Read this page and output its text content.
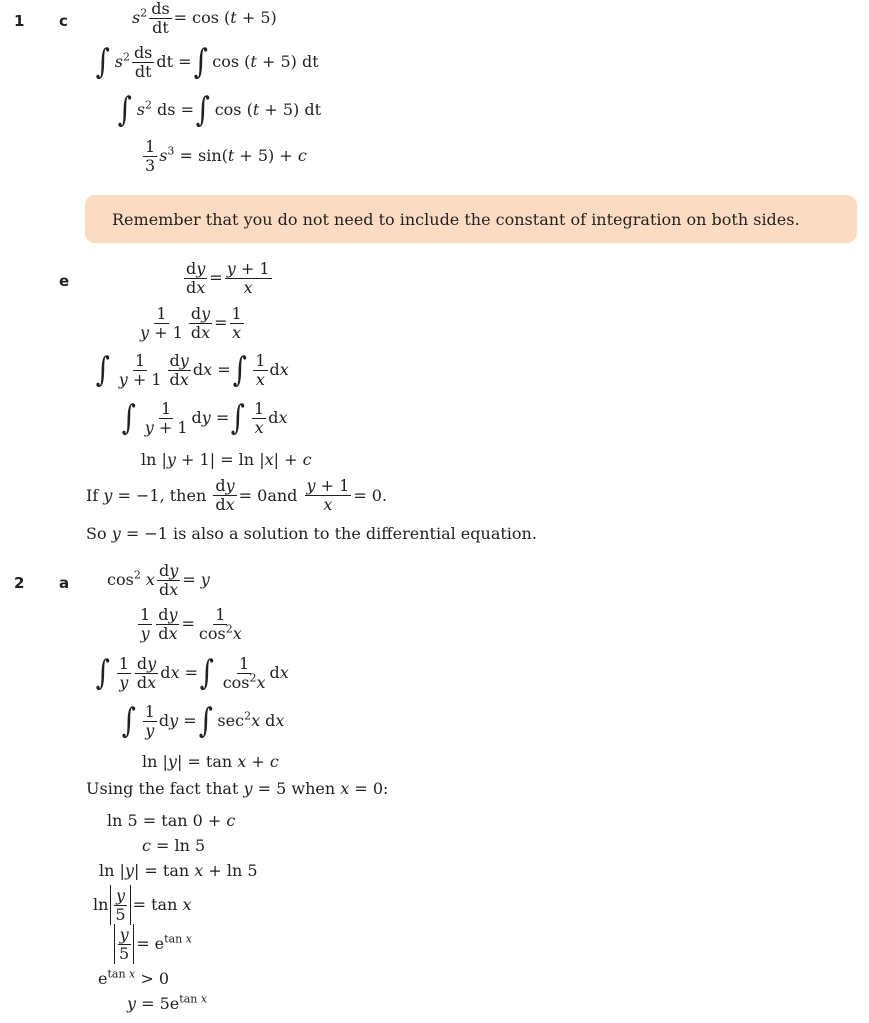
1 c	$s^2 \frac{ds}{dt} = \cos (t + 5)$
∫ $s^2 \frac{ds}{dt}$ dt =∫ cos (t + 5) dt
∫ $s^2$ ds =∫ cos (t + 5) dt
$\frac{1}{3} s^3 = \sin(t + 5) + c$
Remember that you do not need to include the constant of integration on both sides.
e	$\frac{dy}{dx} = \frac{y + 1}{x}$
$\frac{1}{y + 1} \frac{dy}{dx} = \frac{1}{x}$
∫ $\frac{1}{y + 1} \frac{dy}{dx}$ dx =∫ $\frac{1}{x}$ dx
∫ $\frac{1}{y + 1}$ dy =∫ $\frac{1}{x}$ dx
ln |y + 1| = ln |x| + c
If y = −1, then $\frac{dy}{dx} = 0and \frac{y + 1}{x} = 0$.
So y = −1 is also a solution to the differential equation.
2 a $\cos^2 x \frac{dy}{dx} = y$
$\frac{1}{y} \frac{dy}{dx} = \frac{1}{\cos^2x}$
∫ $\frac{1}{y} \frac{dy}{dx}$ dx =∫ $\frac{1}{\cos^2x}$ dx
∫ $\frac{1}{y}$ dy =∫ $\sec^2x$ dx
ln |y| = tan x + c
Using the fact that y = 5 when x = 0:
ln 5 = tan 0 + c
c = ln 5
ln |y| = tan x + ln 5
$\ln \frac{y}{5} = \tan x$
$\frac{y}{5} = e^{tan x}$
$e^{tan x} > 0$
$y = 5e^{tan x}$
